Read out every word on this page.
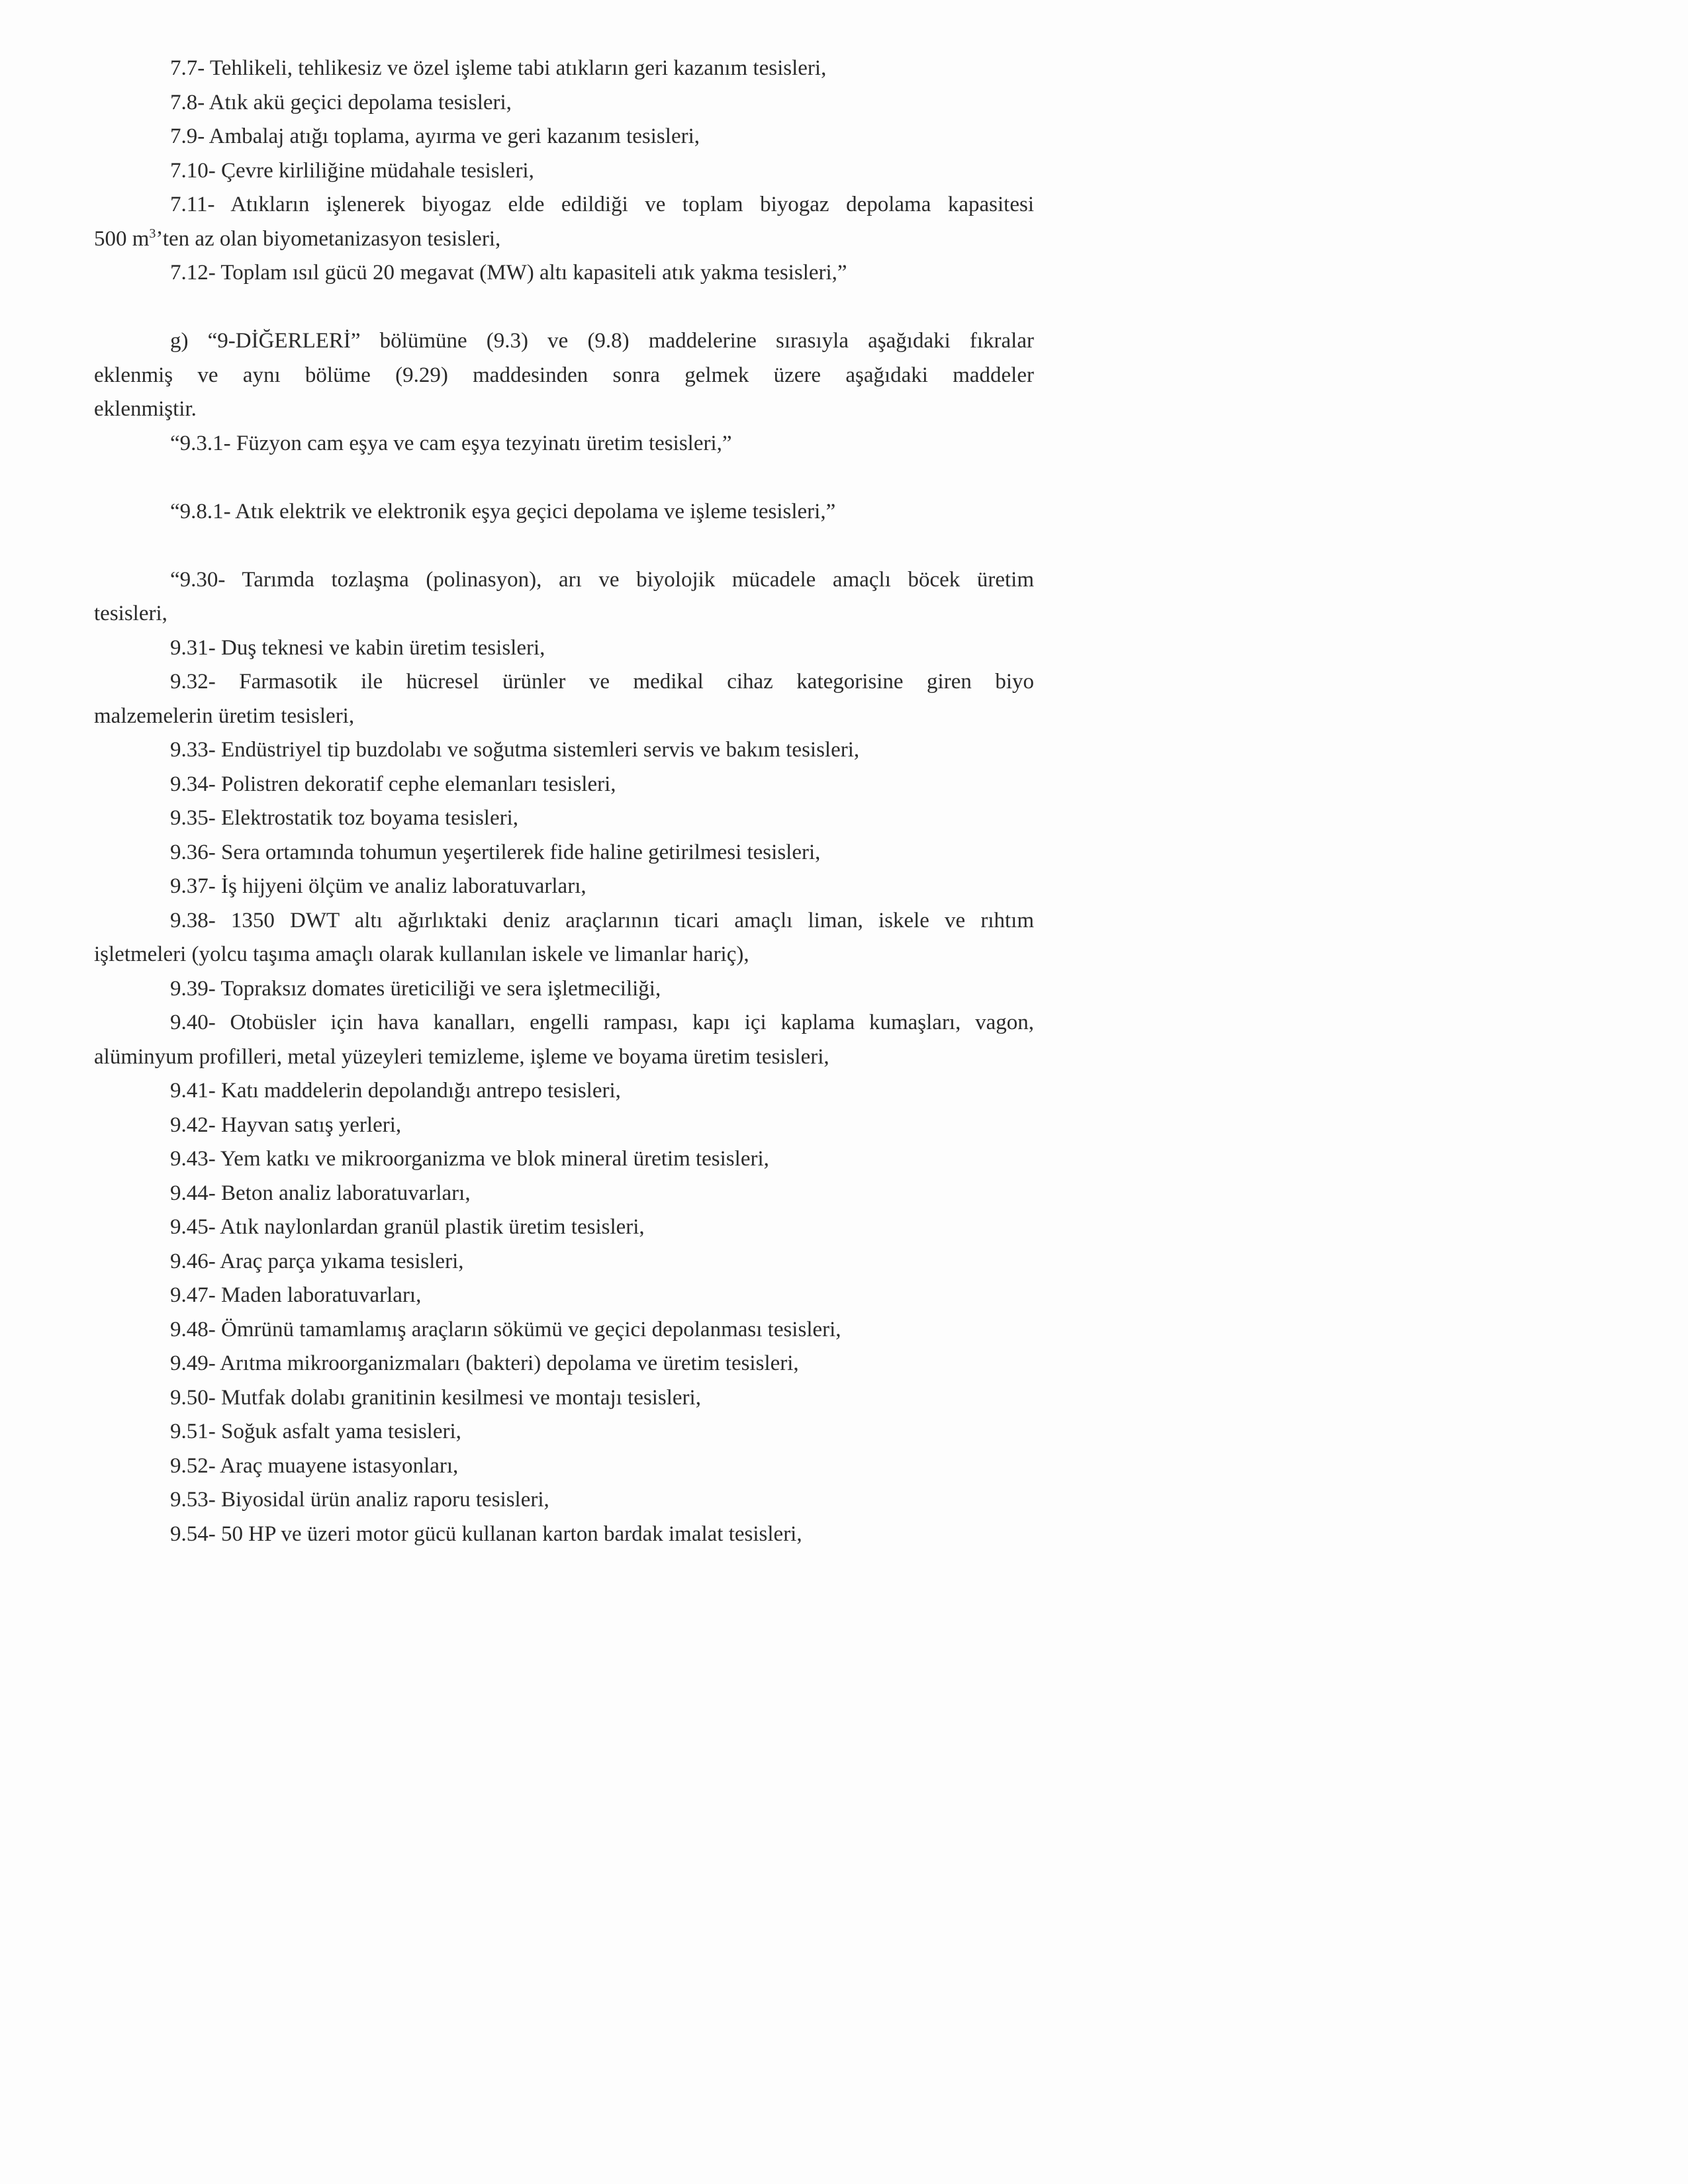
7.7- Tehlikeli, tehlikesiz ve özel işleme tabi atıkların geri kazanım tesisleri,
7.8- Atık akü geçici depolama tesisleri,
7.9- Ambalaj atığı toplama, ayırma ve geri kazanım tesisleri,
7.10- Çevre kirliliğine müdahale tesisleri,
7.11- Atıkların işlenerek biyogaz elde edildiği ve toplam biyogaz depolama kapasitesi
500 $m^3’ten$ az olan biyometanizasyon tesisleri,
7.12- Toplam ısıl gücü 20 megavat (MW) altı kapasiteli atık yakma tesisleri,”
g) “9-DİĞERLERİ” bölümüne (9.3) ve (9.8) maddelerine sırasıyla aşağıdaki fıkralar
eklenmiş ve aynı bölüme (9.29) maddesinden sonra gelmek üzere aşağıdaki maddeler
eklenmiştir.
“9.3.1- Füzyon cam eşya ve cam eşya tezyinatı üretim tesisleri,”
“9.8.1- Atık elektrik ve elektronik eşya geçici depolama ve işleme tesisleri,”
“9.30- Tarımda tozlaşma (polinasyon), arı ve biyolojik mücadele amaçlı böcek üretim
tesisleri,
9.31- Duş teknesi ve kabin üretim tesisleri,
9.32- Farmasotik ile hücresel ürünler ve medikal cihaz kategorisine giren biyo
malzemelerin üretim tesisleri,
9.33- Endüstriyel tip buzdolabı ve soğutma sistemleri servis ve bakım tesisleri,
9.34- Polistren dekoratif cephe elemanları tesisleri,
9.35- Elektrostatik toz boyama tesisleri,
9.36- Sera ortamında tohumun yeşertilerek fide haline getirilmesi tesisleri,
9.37- İş hijyeni ölçüm ve analiz laboratuvarları,
9.38- 1350 DWT altı ağırlıktaki deniz araçlarının ticari amaçlı liman, iskele ve rıhtım
işletmeleri (yolcu taşıma amaçlı olarak kullanılan iskele ve limanlar hariç),
9.39- Topraksız domates üreticiliği ve sera işletmeciliği,
9.40- Otobüsler için hava kanalları, engelli rampası, kapı içi kaplama kumaşları, vagon,
alüminyum profilleri, metal yüzeyleri temizleme, işleme ve boyama üretim tesisleri,
9.41- Katı maddelerin depolandığı antrepo tesisleri,
9.42- Hayvan satış yerleri,
9.43- Yem katkı ve mikroorganizma ve blok mineral üretim tesisleri,
9.44- Beton analiz laboratuvarları,
9.45- Atık naylonlardan granül plastik üretim tesisleri,
9.46- Araç parça yıkama tesisleri,
9.47- Maden laboratuvarları,
9.48- Ömrünü tamamlamış araçların sökümü ve geçici depolanması tesisleri,
9.49- Arıtma mikroorganizmaları (bakteri) depolama ve üretim tesisleri,
9.50- Mutfak dolabı granitinin kesilmesi ve montajı tesisleri,
9.51- Soğuk asfalt yama tesisleri,
9.52- Araç muayene istasyonları,
9.53- Biyosidal ürün analiz raporu tesisleri,
9.54- 50 HP ve üzeri motor gücü kullanan karton bardak imalat tesisleri,
